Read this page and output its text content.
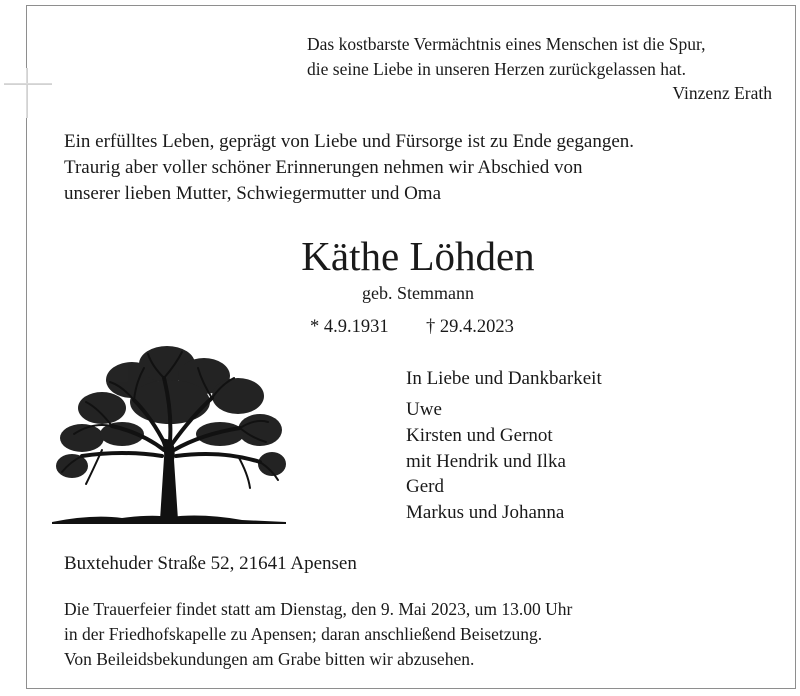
Das kostbarste Vermächtnis eines Menschen ist die Spur,
die seine Liebe in unseren Herzen zurückgelassen hat.
Vinzenz Erath
Ein erfülltes Leben, geprägt von Liebe und Fürsorge ist zu Ende gegangen.
Traurig aber voller schöner Erinnerungen nehmen wir Abschied von
unserer lieben Mutter, Schwiegermutter und Oma
Käthe Löhden
geb. Stemmann
* 4.9.1931 † 29.4.2023
In Liebe und Dankbarkeit
Uwe
Kirsten und Gernot
mit Hendrik und Ilka
Gerd
Markus und Johanna
Buxtehuder Straße 52, 21641 Apensen
Die Trauerfeier findet statt am Dienstag, den 9. Mai 2023, um 13.00 Uhr
in der Friedhofskapelle zu Apensen; daran anschließend Beisetzung.
Von Beileidsbekundungen am Grabe bitten wir abzusehen.
